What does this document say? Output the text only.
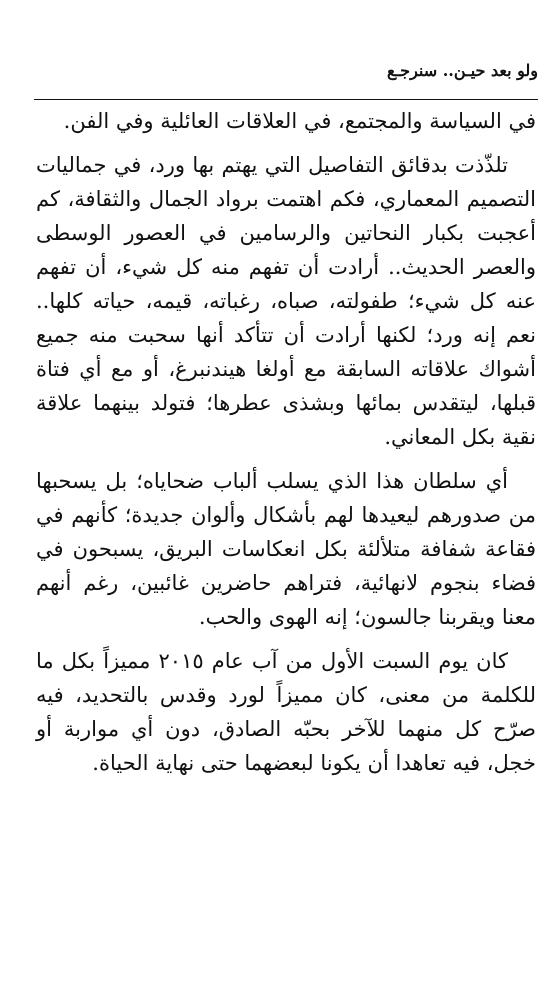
ولو بعد حيـن.. سنرجـع

في السياسة والمجتمع، في العلاقات العائلية وفي الفن.

تلذّذت بدقائق التفاصيل التي يهتم بها ورد، في جماليات التصميم المعماري، فكم اهتمت برواد الجمال والثقافة، كم أعجبت بكبار النحاتين والرسامين في العصور الوسطى والعصر الحديث.. أرادت أن تفهم منه كل شيء، أن تفهم عنه كل شيء؛ طفولته، صباه، رغباته، قيمه، حياته كلها.. نعم إنه ورد؛ لكنها أرادت أن تتأكد أنها سحبت منه جميع أشواك علاقاته السابقة مع أولغا هيندنبرغ، أو مع أي فتاة قبلها، ليتقدس بمائها وبشذى عطرها؛ فتولد بينهما علاقة نقية بكل المعاني.

أي سلطان هذا الذي يسلب ألباب ضحاياه؛ بل يسحبها من صدورهم ليعيدها لهم بأشكال وألوان جديدة؛ كأنهم في فقاعة شفافة متلألئة بكل انعكاسات البريق، يسبحون في فضاء بنجوم لانهائية، فتراهم حاضرين غائبين، رغم أنهم معنا ويقربنا جالسون؛ إنه الهوى والحب.

كان يوم السبت الأول من آب عام ٢٠١٥ مميزاً بكل ما للكلمة من معنى، كان مميزاً لورد وقدس بالتحديد، فيه صرّح كل منهما للآخر بحبّه الصادق، دون أي مواربة أو خجل، فيه تعاهدا أن يكونا لبعضهما حتى نهاية الحياة.
